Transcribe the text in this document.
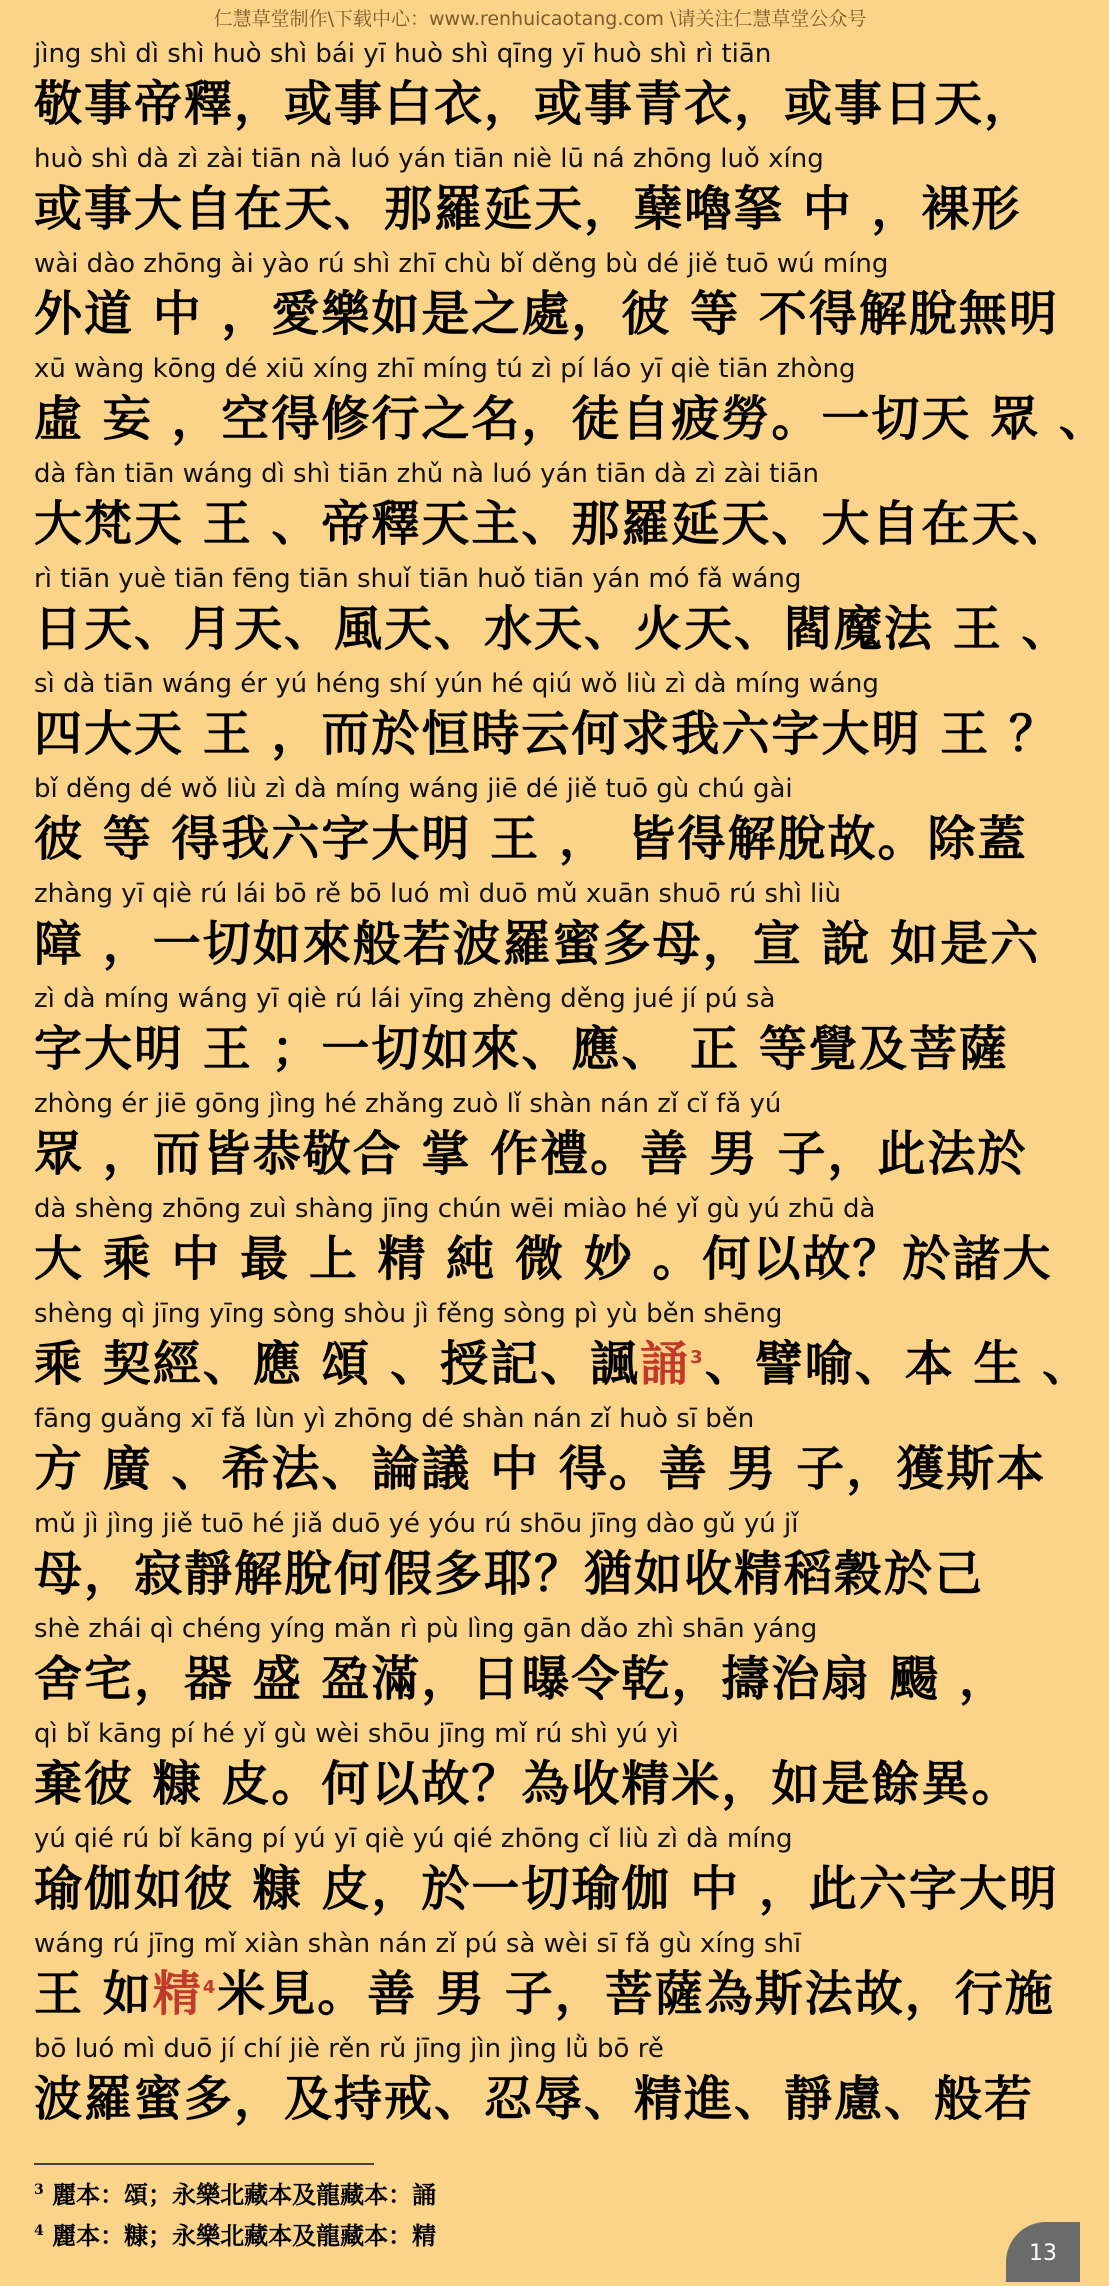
仁慧草堂制作\下载中心：www.renhuicaotang.com \请关注仁慧草堂公众号
jìng shì dì shì huò shì bái yī huò shì qīng yī huò shì rì tiān
敬事帝釋，或事白衣，或事青衣，或事日天，
huò shì dà zì zài tiān nà luó yán tiān niè lū ná zhōng luǒ xíng
或事大自在天、那羅延天，蘖嚕拏 中 ，裸形
wài dào zhōng ài yào rú shì zhī chù bǐ děng bù dé jiě tuō wú míng
外道 中 ，愛樂如是之處，彼 等 不得解脫無明
xū wàng kōng dé xiū xíng zhī míng tú zì pí láo yī qiè tiān zhòng
虛 妄 ，空得修行之名，徒自疲勞。一切天 眾 、
dà fàn tiān wáng dì shì tiān zhǔ nà luó yán tiān dà zì zài tiān
大梵天 王 、帝釋天主、那羅延天、大自在天、
rì tiān yuè tiān fēng tiān shuǐ tiān huǒ tiān yán mó fǎ wáng
日天、月天、風天、水天、火天、閻魔法 王 、
sì dà tiān wáng ér yú héng shí yún hé qiú wǒ liù zì dà míng wáng
四大天 王 ，而於恒時云何求我六字大明 王 ？
bǐ děng dé wǒ liù zì dà míng wáng jiē dé jiě tuō gù chú gài
彼 等 得我六字大明 王 ， 皆得解脫故。除蓋
zhàng yī qiè rú lái bō rě bō luó mì duō mǔ xuān shuō rú shì liù
障 ，一切如來般若波羅蜜多母，宣 說 如是六
zì dà míng wáng yī qiè rú lái yīng zhèng děng jué jí pú sà
字大明 王 ；一切如來、應、 正 等覺及菩薩
zhòng ér jiē gōng jìng hé zhǎng zuò lǐ shàn nán zǐ cǐ fǎ yú
眾 ，而皆恭敬合 掌 作禮。善 男 子，此法於
dà shèng zhōng zuì shàng jīng chún wēi miào hé yǐ gù yú zhū dà
大 乘 中 最 上 精 純 微 妙 。何以故？於諸大
shèng qì jīng yīng sòng shòu jì fěng sòng pì yù běn shēng
乘 契經、應 頌 、授記、諷誦$^3$、譬喻、本 生 、
fāng guǎng xī fǎ lùn yì zhōng dé shàn nán zǐ huò sī běn
方 廣 、希法、論議 中 得。善 男 子，獲斯本
mǔ jì jìng jiě tuō hé jiǎ duō yé yóu rú shōu jīng dào gǔ yú jǐ
母，寂靜解脫何假多耶？猶如收精稻穀於己
shè zhái qì chéng yíng mǎn rì pù lìng gān dǎo zhì shān yáng
舍宅，器 盛 盈滿，日曝令乾，擣治扇 颺 ，
qì bǐ kāng pí hé yǐ gù wèi shōu jīng mǐ rú shì yú yì
棄彼 糠 皮。何以故？為收精米，如是餘異。
yú qié rú bǐ kāng pí yú yī qiè yú qié zhōng cǐ liù zì dà míng
瑜伽如彼 糠 皮，於一切瑜伽 中 ，此六字大明
wáng rú jīng mǐ xiàn shàn nán zǐ pú sà wèi sī fǎ gù xíng shī
王 如精$^4$米見。善 男 子，菩薩為斯法故，行施
bō luó mì duō jí chí jiè rěn rǔ jīng jìn jìng lǜ bō rě
波羅蜜多，及持戒、忍辱、精進、靜慮、般若
$^3$ 麗本：頌；永樂北藏本及龍藏本：誦
$^4$ 麗本：糠；永樂北藏本及龍藏本：精
13
